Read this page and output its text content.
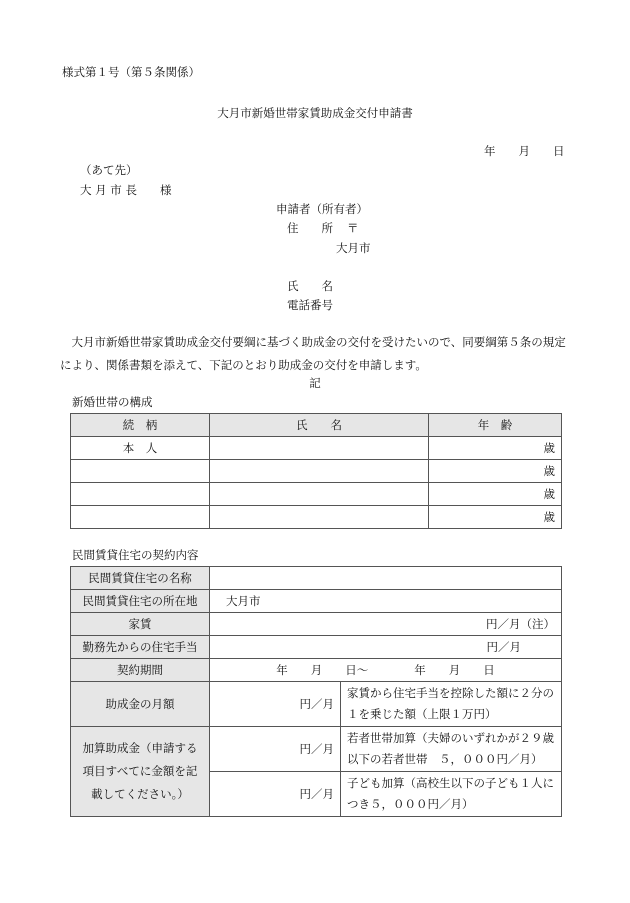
様式第１号（第５条関係）
大月市新婚世帯家賃助成金交付申請書
年　　月　　日
（あて先）
大 月 市 長　　様
申請者（所有者）
住　　所 〒
大月市
氏　　名
電話番号
大月市新婚世帯家賃助成金交付要綱に基づく助成金の交付を受けたいので、同要綱第５条の規定により、関係書類を添えて、下記のとおり助成金の交付を申請します。
記
新婚世帯の構成
続　柄	氏　　名	年　齢
本　人		歳
		歳
		歳
		歳
民間賃貸住宅の契約内容
民間賃貸住宅の名称		
民間賃貸住宅の所在地	大月市	
家賃	円／月（注）	
勤務先からの住宅手当	円／月	
契約期間	年　　月　　日〜　　　　年　　月　　日	
助成金の月額	円／月	家賃から住宅手当を控除した額に２分の１を乗じた額（上限１万円）
加算助成金（申請する項目すべてに金額を記載してください。）	円／月	若者世帯加算（夫婦のいずれかが２９歳以下の若者世帯　５，０００円／月）
	円／月	子ども加算（高校生以下の子ども１人につき５，０００円／月）
